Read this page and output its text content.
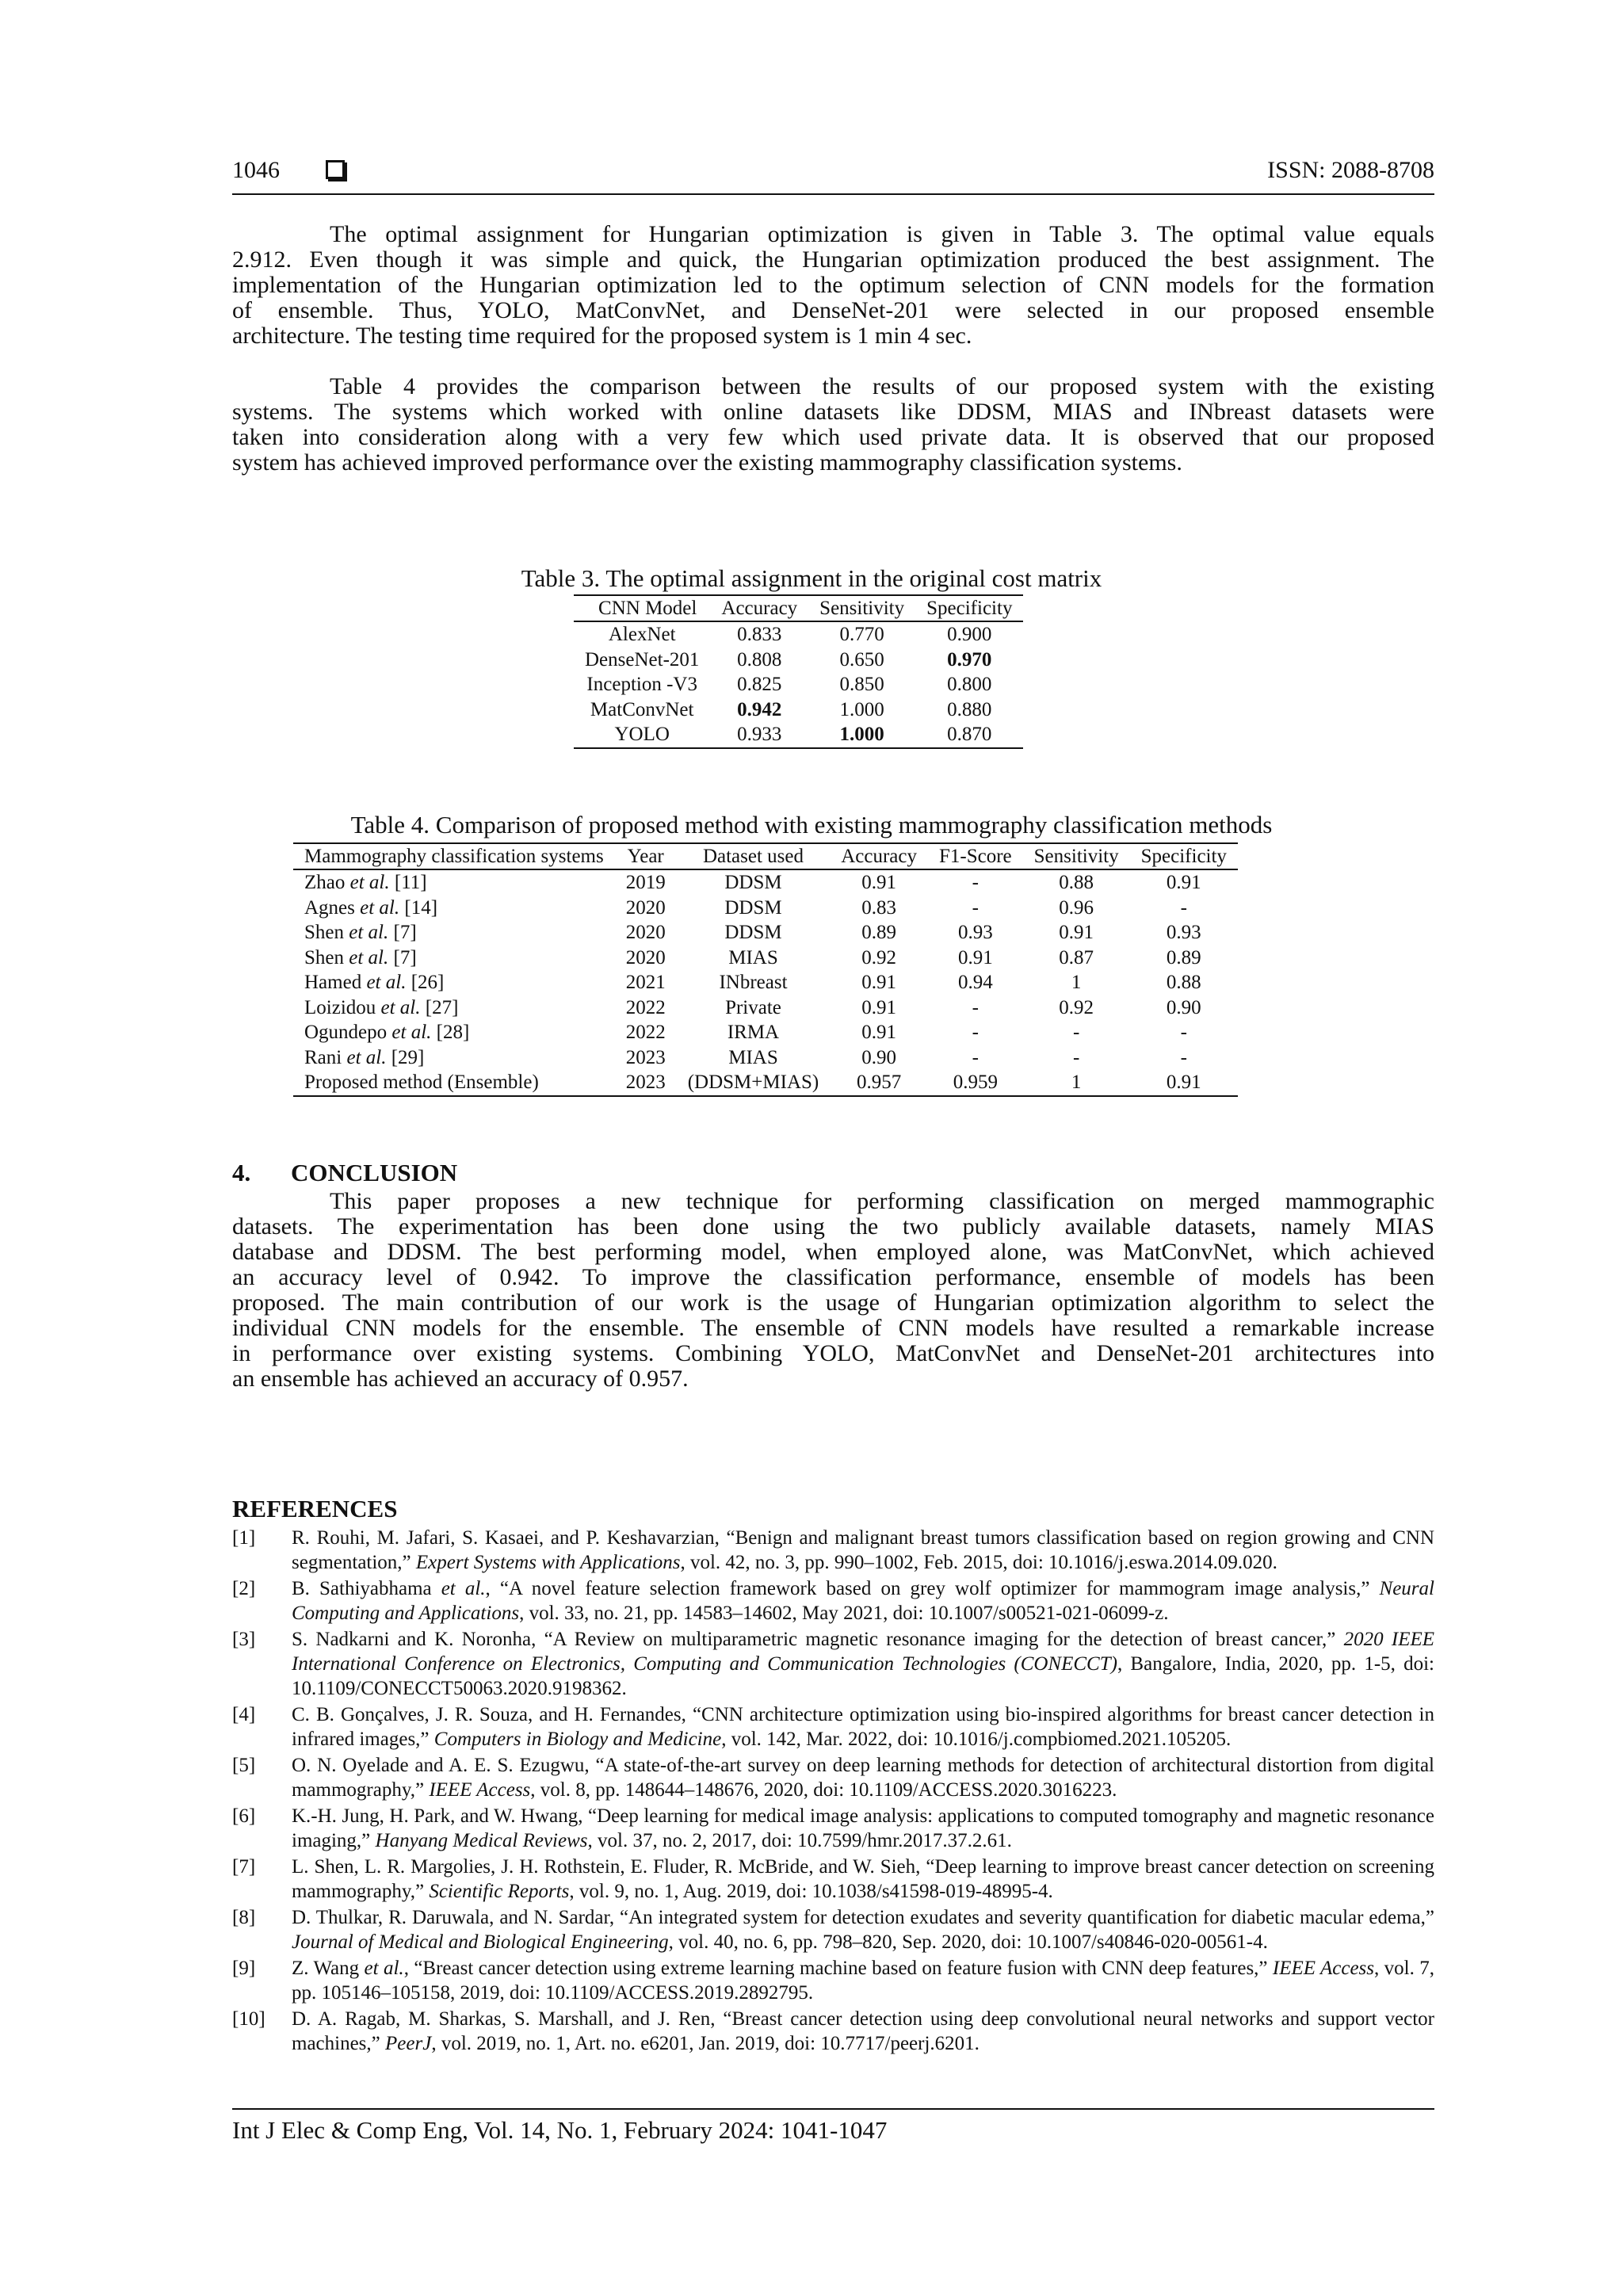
1046	ISSN: 2088-8708

The optimal assignment for Hungarian optimization is given in Table 3. The optimal value equals
2.912. Even though it was simple and quick, the Hungarian optimization produced the best assignment. The
implementation of the Hungarian optimization led to the optimum selection of CNN models for the formation
of ensemble. Thus, YOLO, MatConvNet, and DenseNet-201 were selected in our proposed ensemble
architecture. The testing time required for the proposed system is 1 min 4 sec.

Table 4 provides the comparison between the results of our proposed system with the existing
systems. The systems which worked with online datasets like DDSM, MIAS and INbreast datasets were
taken into consideration along with a very few which used private data. It is observed that our proposed
system has achieved improved performance over the existing mammography classification systems.

Table 3. The optimal assignment in the original cost matrix
CNN Model	Accuracy	Sensitivity	Specificity
AlexNet	0.833	0.770	0.900
DenseNet-201	0.808	0.650	0.970
Inception -V3	0.825	0.850	0.800
MatConvNet	0.942	1.000	0.880
YOLO	0.933	1.000	0.870
Table 4. Comparison of proposed method with existing mammography classification methods
Mammography classification systems	Year	Dataset used	Accuracy	F1-Score	Sensitivity	Specificity
Zhao et al. [11]	2019	DDSM	0.91	-	0.88	0.91
Agnes et al. [14]	2020	DDSM	0.83	-	0.96	-
Shen et al. [7]	2020	DDSM	0.89	0.93	0.91	0.93
Shen et al. [7]	2020	MIAS	0.92	0.91	0.87	0.89
Hamed et al. [26]	2021	INbreast	0.91	0.94	1	0.88
Loizidou et al. [27]	2022	Private	0.91	-	0.92	0.90
Ogundepo et al. [28]	2022	IRMA	0.91	-	-	-
Rani et al. [29]	2023	MIAS	0.90	-	-	-
Proposed method (Ensemble)	2023	(DDSM+MIAS)	0.957	0.959	1	0.91
4. CONCLUSION

This paper proposes a new technique for performing classification on merged mammographic
datasets. The experimentation has been done using the two publicly available datasets, namely MIAS
database and DDSM. The best performing model, when employed alone, was MatConvNet, which achieved
an accuracy level of 0.942. To improve the classification performance, ensemble of models has been
proposed. The main contribution of our work is the usage of Hungarian optimization algorithm to select the
individual CNN models for the ensemble. The ensemble of CNN models have resulted a remarkable increase
in performance over existing systems. Combining YOLO, MatConvNet and DenseNet-201 architectures into
an ensemble has achieved an accuracy of 0.957.

REFERENCES
[1] R. Rouhi, M. Jafari, S. Kasaei, and P. Keshavarzian, “Benign and malignant breast tumors classification based on region growing and CNN segmentation,” Expert Systems with Applications, vol. 42, no. 3, pp. 990–1002, Feb. 2015, doi: 10.1016/j.eswa.2014.09.020.
[2] B. Sathiyabhama et al., “A novel feature selection framework based on grey wolf optimizer for mammogram image analysis,” Neural Computing and Applications, vol. 33, no. 21, pp. 14583–14602, May 2021, doi: 10.1007/s00521-021-06099-z.
[3] S. Nadkarni and K. Noronha, “A Review on multiparametric magnetic resonance imaging for the detection of breast cancer,” 2020 IEEE International Conference on Electronics, Computing and Communication Technologies (CONECCT), Bangalore, India, 2020, pp. 1-5, doi: 10.1109/CONECCT50063.2020.9198362.
[4] C. B. Gonçalves, J. R. Souza, and H. Fernandes, “CNN architecture optimization using bio-inspired algorithms for breast cancer detection in infrared images,” Computers in Biology and Medicine, vol. 142, Mar. 2022, doi: 10.1016/j.compbiomed.2021.105205.
[5] O. N. Oyelade and A. E. S. Ezugwu, “A state-of-the-art survey on deep learning methods for detection of architectural distortion from digital mammography,” IEEE Access, vol. 8, pp. 148644–148676, 2020, doi: 10.1109/ACCESS.2020.3016223.
[6] K.-H. Jung, H. Park, and W. Hwang, “Deep learning for medical image analysis: applications to computed tomography and magnetic resonance imaging,” Hanyang Medical Reviews, vol. 37, no. 2, 2017, doi: 10.7599/hmr.2017.37.2.61.
[7] L. Shen, L. R. Margolies, J. H. Rothstein, E. Fluder, R. McBride, and W. Sieh, “Deep learning to improve breast cancer detection on screening mammography,” Scientific Reports, vol. 9, no. 1, Aug. 2019, doi: 10.1038/s41598-019-48995-4.
[8] D. Thulkar, R. Daruwala, and N. Sardar, “An integrated system for detection exudates and severity quantification for diabetic macular edema,” Journal of Medical and Biological Engineering, vol. 40, no. 6, pp. 798–820, Sep. 2020, doi: 10.1007/s40846-020-00561-4.
[9] Z. Wang et al., “Breast cancer detection using extreme learning machine based on feature fusion with CNN deep features,” IEEE Access, vol. 7, pp. 105146–105158, 2019, doi: 10.1109/ACCESS.2019.2892795.
[10] D. A. Ragab, M. Sharkas, S. Marshall, and J. Ren, “Breast cancer detection using deep convolutional neural networks and support vector machines,” PeerJ, vol. 2019, no. 1, Art. no. e6201, Jan. 2019, doi: 10.7717/peerj.6201.
Int J Elec & Comp Eng, Vol. 14, No. 1, February 2024: 1041-1047
